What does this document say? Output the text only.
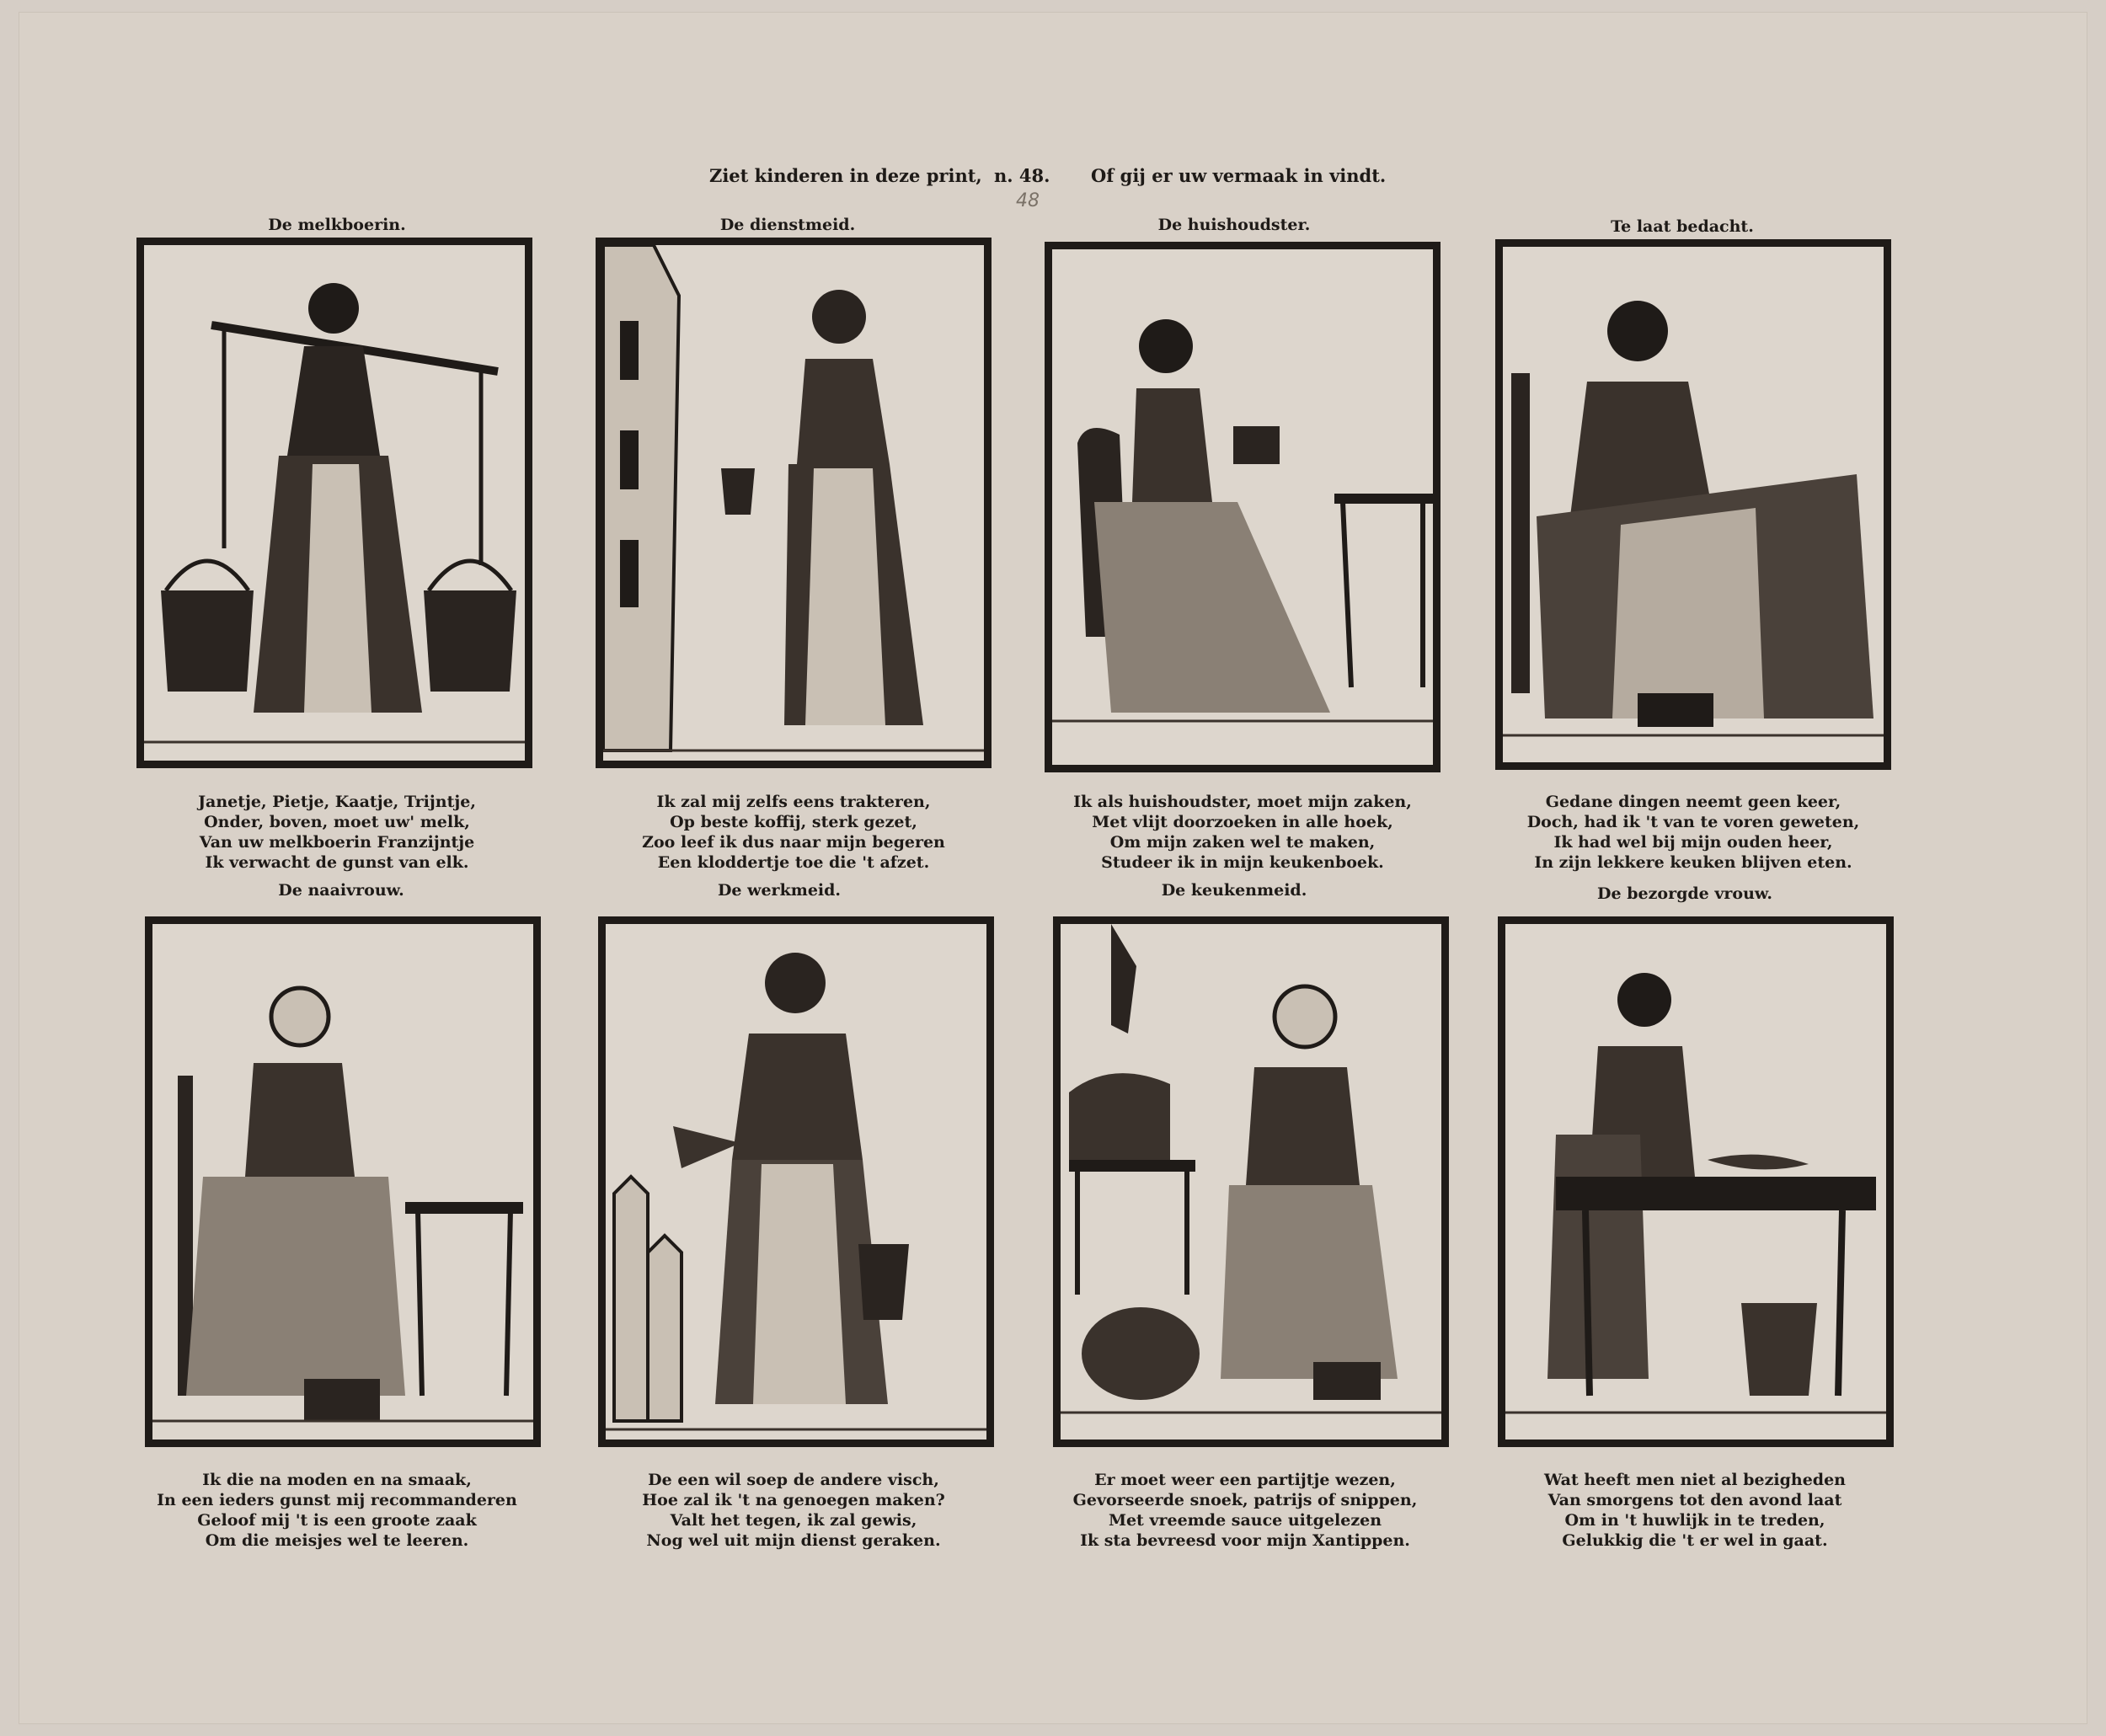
Ziet kinderen in deze print, n. 48. Of gij er uw vermaak in vindt.
48
De melkboerin.
Janetje, Pietje, Kaatje, Trijntje,
Onder, boven, moet uw' melk,
Van uw melkboerin Franzijntje
Ik verwacht de gunst van elk.
De dienstmeid.
Ik zal mij zelfs eens trakteren,
Op beste koffij, sterk gezet,
Zoo leef ik dus naar mijn begeren
Een kloddertje toe die 't afzet.
De huishoudster.
Ik als huishoudster, moet mijn zaken,
Met vlijt doorzoeken in alle hoek,
Om mijn zaken wel te maken,
Studeer ik in mijn keukenboek.
Te laat bedacht.
Gedane dingen neemt geen keer,
Doch, had ik 't van te voren geweten,
Ik had wel bij mijn ouden heer,
In zijn lekkere keuken blijven eten.
De naaivrouw.
Ik die na moden en na smaak,
In een ieders gunst mij recommanderen
Geloof mij 't is een groote zaak
Om die meisjes wel te leeren.
De werkmeid.
De een wil soep de andere visch,
Hoe zal ik 't na genoegen maken?
Valt het tegen, ik zal gewis,
Nog wel uit mijn dienst geraken.
De keukenmeid.
Er moet weer een partijtje wezen,
Gevorseerde snoek, patrijs of snippen,
Met vreemde sauce uitgelezen
Ik sta bevreesd voor mijn Xantippen.
De bezorgde vrouw.
Wat heeft men niet al bezigheden
Van smorgens tot den avond laat
Om in 't huwlijk in te treden,
Gelukkig die 't er wel in gaat.
